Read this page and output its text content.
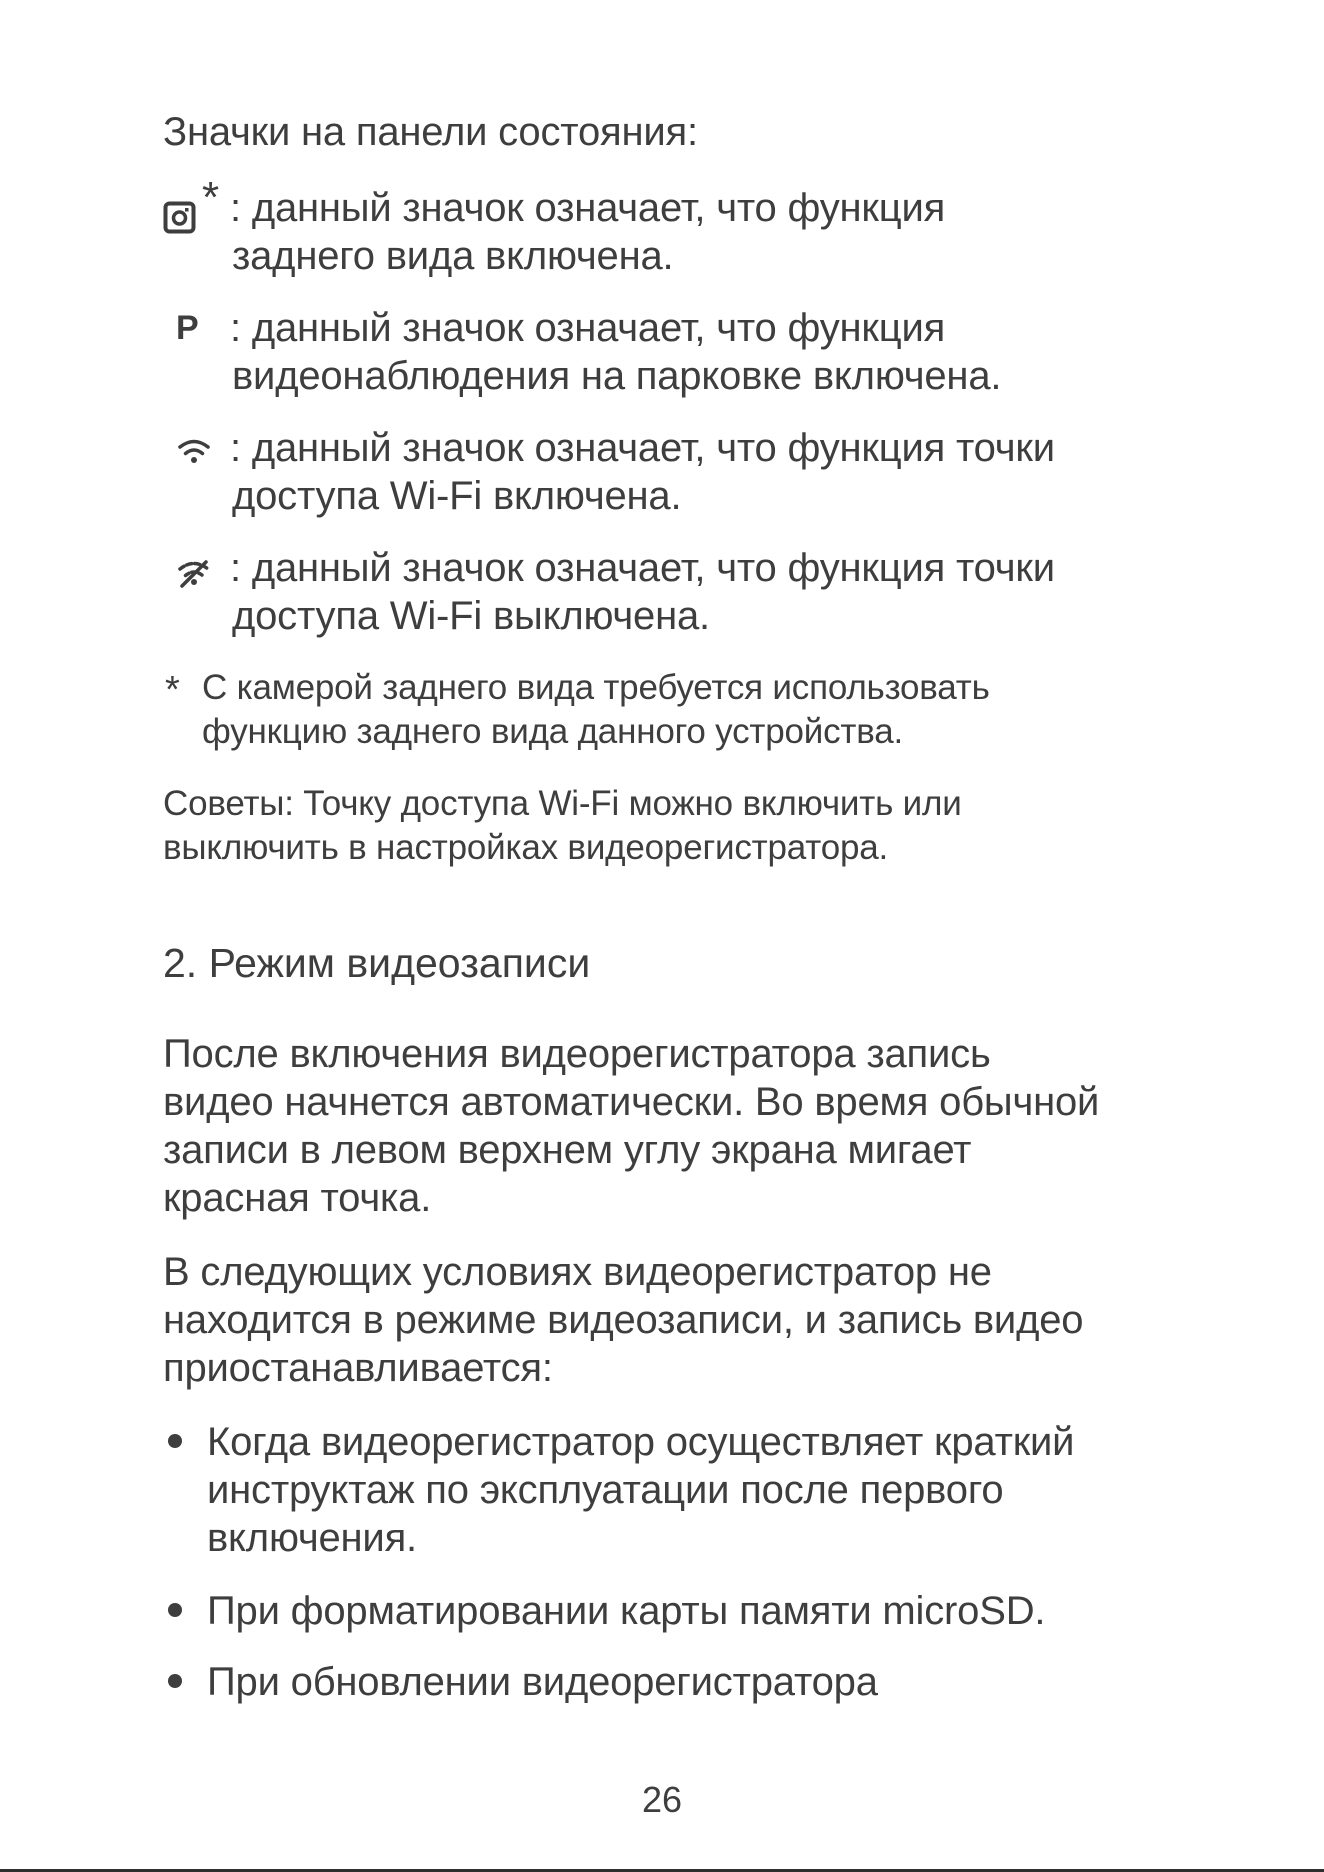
Значки на панели состояния:

* : данный значок означает, что функция

заднего вида включена.

P : данный значок означает, что функция

видеонаблюдения на парковке включена.

: данный значок означает, что функция точки

доступа Wi-Fi включена.

: данный значок означает, что функция точки

доступа Wi-Fi выключена.

* С камерой заднего вида требуется использовать

функцию заднего вида данного устройства.

Советы: Точку доступа Wi-Fi можно включить или

выключить в настройках видеорегистратора.

2. Режим видеозаписи

После включения видеорегистратора запись

видео начнется автоматически. Во время обычной

записи в левом верхнем углу экрана мигает

красная точка.

В следующих условиях видеорегистратор не

находится в режиме видеозаписи, и запись видео

приостанавливается:

Когда видеорегистратор осуществляет краткий

инструктаж по эксплуатации после первого

включения.

При форматировании карты памяти microSD.

При обновлении видеорегистратора

26
